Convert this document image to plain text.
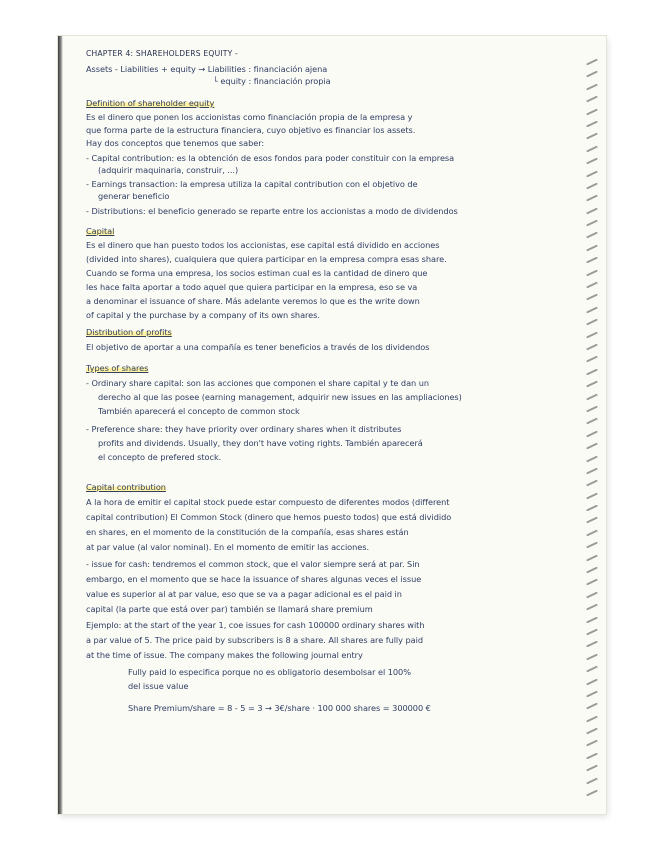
CHAPTER 4: SHAREHOLDERS EQUITY -
Assets - Liabilities + equity → Liabilities : financiación ajena
└ equity : financiación propia
Definition of shareholder equity
Es el dinero que ponen los accionistas como financiación propia de la empresa y
que forma parte de la estructura financiera, cuyo objetivo es financiar los assets.
Hay dos conceptos que tenemos que saber:
- Capital contribution: es la obtención de esos fondos para poder constituir con la empresa
(adquirir maquinaria, construir, ...)
- Earnings transaction: la empresa utiliza la capital contribution con el objetivo de
generar beneficio
- Distributions: el beneficio generado se reparte entre los accionistas a modo de dividendos
Capital
Es el dinero que han puesto todos los accionistas, ese capital está dividido en acciones
(divided into shares), cualquiera que quiera participar en la empresa compra esas share.
Cuando se forma una empresa, los socios estiman cual es la cantidad de dinero que
les hace falta aportar a todo aquel que quiera participar en la empresa, eso se va
a denominar el issuance of share. Más adelante veremos lo que es the write down
of capital y the purchase by a company of its own shares.
Distribution of profits
El objetivo de aportar a una compañía es tener beneficios a través de los dividendos
Types of shares
- Ordinary share capital: son las acciones que componen el share capital y te dan un
derecho al que las posee (earning management, adquirir new issues en las ampliaciones)
También aparecerá el concepto de common stock
- Preference share: they have priority over ordinary shares when it distributes
profits and dividends. Usually, they don't have voting rights. También aparecerá
el concepto de prefered stock.
Capital contribution
A la hora de emitir el capital stock puede estar compuesto de diferentes modos (different
capital contribution) El Common Stock (dinero que hemos puesto todos) que está dividido
en shares, en el momento de la constitución de la compañía, esas shares están
at par value (al valor nominal). En el momento de emitir las acciones.
- issue for cash: tendremos el common stock, que el valor siempre será at par. Sin
embargo, en el momento que se hace la issuance of shares algunas veces el issue
value es superior al at par value, eso que se va a pagar adicional es el paid in
capital (la parte que está over par) también se llamará share premium
Ejemplo: at the start of the year 1, coe issues for cash 100000 ordinary shares with
a par value of 5. The price paid by subscribers is 8 a share. All shares are fully paid
at the time of issue. The company makes the following journal entry
Fully paid lo especifica porque no es obligatorio desembolsar el 100%
del issue value
Share Premium/share = 8 - 5 = 3 → 3€/share · 100 000 shares = 300000 €
